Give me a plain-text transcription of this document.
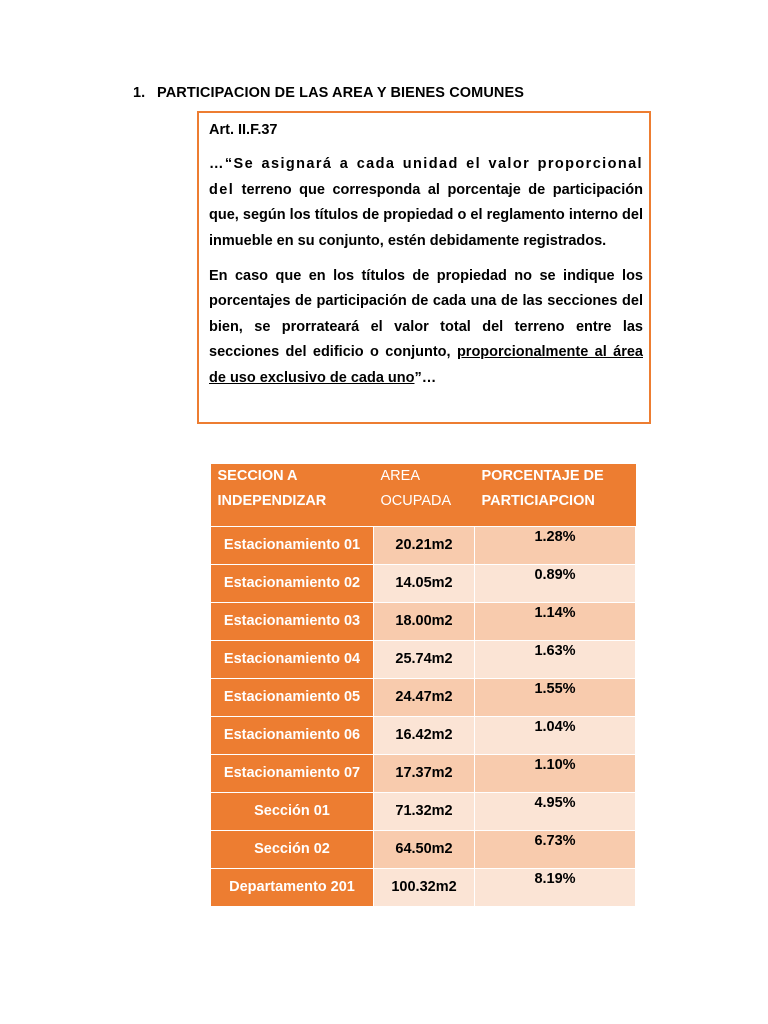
1. PARTICIPACION DE LAS AREA Y BIENES COMUNES

Art. II.F.37

…“Se asignará a cada unidad el valor proporcional del terreno que corresponda al porcentaje de participación que, según los títulos de propiedad o el reglamento interno del inmueble en su conjunto, estén debidamente registrados.

En caso que en los títulos de propiedad no se indique los porcentajes de participación de cada una de las secciones del bien, se prorrateará el valor total del terreno entre las secciones del edificio o conjunto, proporcionalmente al área de uso exclusivo de cada uno”…

SECCION A INDEPENDIZAR	AREA OCUPADA	PORCENTAJE DE PARTICIAPCION
Estacionamiento 01	20.21m2	1.28%
Estacionamiento 02	14.05m2	0.89%
Estacionamiento 03	18.00m2	1.14%
Estacionamiento 04	25.74m2	1.63%
Estacionamiento 05	24.47m2	1.55%
Estacionamiento 06	16.42m2	1.04%
Estacionamiento 07	17.37m2	1.10%
Sección 01	71.32m2	4.95%
Sección 02	64.50m2	6.73%
Departamento 201	100.32m2	8.19%
